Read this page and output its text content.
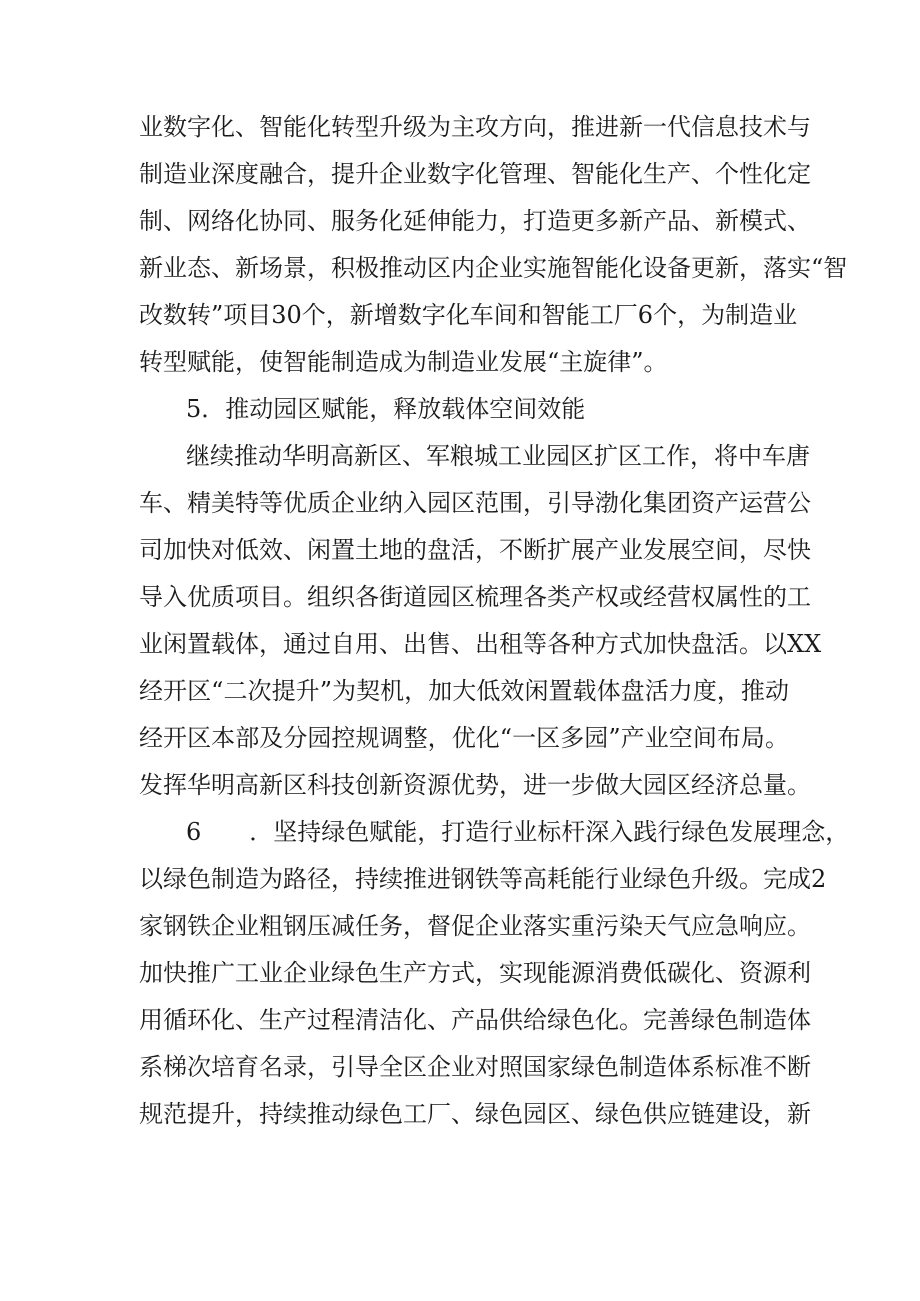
业数字化、智能化转型升级为主攻方向，推进新一代信息技术与
制造业深度融合，提升企业数字化管理、智能化生产、个性化定
制、网络化协同、服务化延伸能力，打造更多新产品、新模式、
新业态、新场景，积极推动区内企业实施智能化设备更新，落实“智
改数转”项目30个，新增数字化车间和智能工厂6个，为制造业
转型赋能，使智能制造成为制造业发展“主旋律”。
5．推动园区赋能，释放载体空间效能
继续推动华明高新区、军粮城工业园区扩区工作，将中车唐
车、精美特等优质企业纳入园区范围，引导渤化集团资产运营公
司加快对低效、闲置土地的盘活，不断扩展产业发展空间，尽快
导入优质项目。组织各街道园区梳理各类产权或经营权属性的工
业闲置载体，通过自用、出售、出租等各种方式加快盘活。以XX
经开区“二次提升”为契机，加大低效闲置载体盘活力度，推动
经开区本部及分园控规调整，优化“一区多园”产业空间布局。
发挥华明高新区科技创新资源优势，进一步做大园区经济总量。
6　　．坚持绿色赋能，打造行业标杆深入践行绿色发展理念，
以绿色制造为路径，持续推进钢铁等高耗能行业绿色升级。完成2
家钢铁企业粗钢压减任务，督促企业落实重污染天气应急响应。
加快推广工业企业绿色生产方式，实现能源消费低碳化、资源利
用循环化、生产过程清洁化、产品供给绿色化。完善绿色制造体
系梯次培育名录，引导全区企业对照国家绿色制造体系标准不断
规范提升，持续推动绿色工厂、绿色园区、绿色供应链建设，新
